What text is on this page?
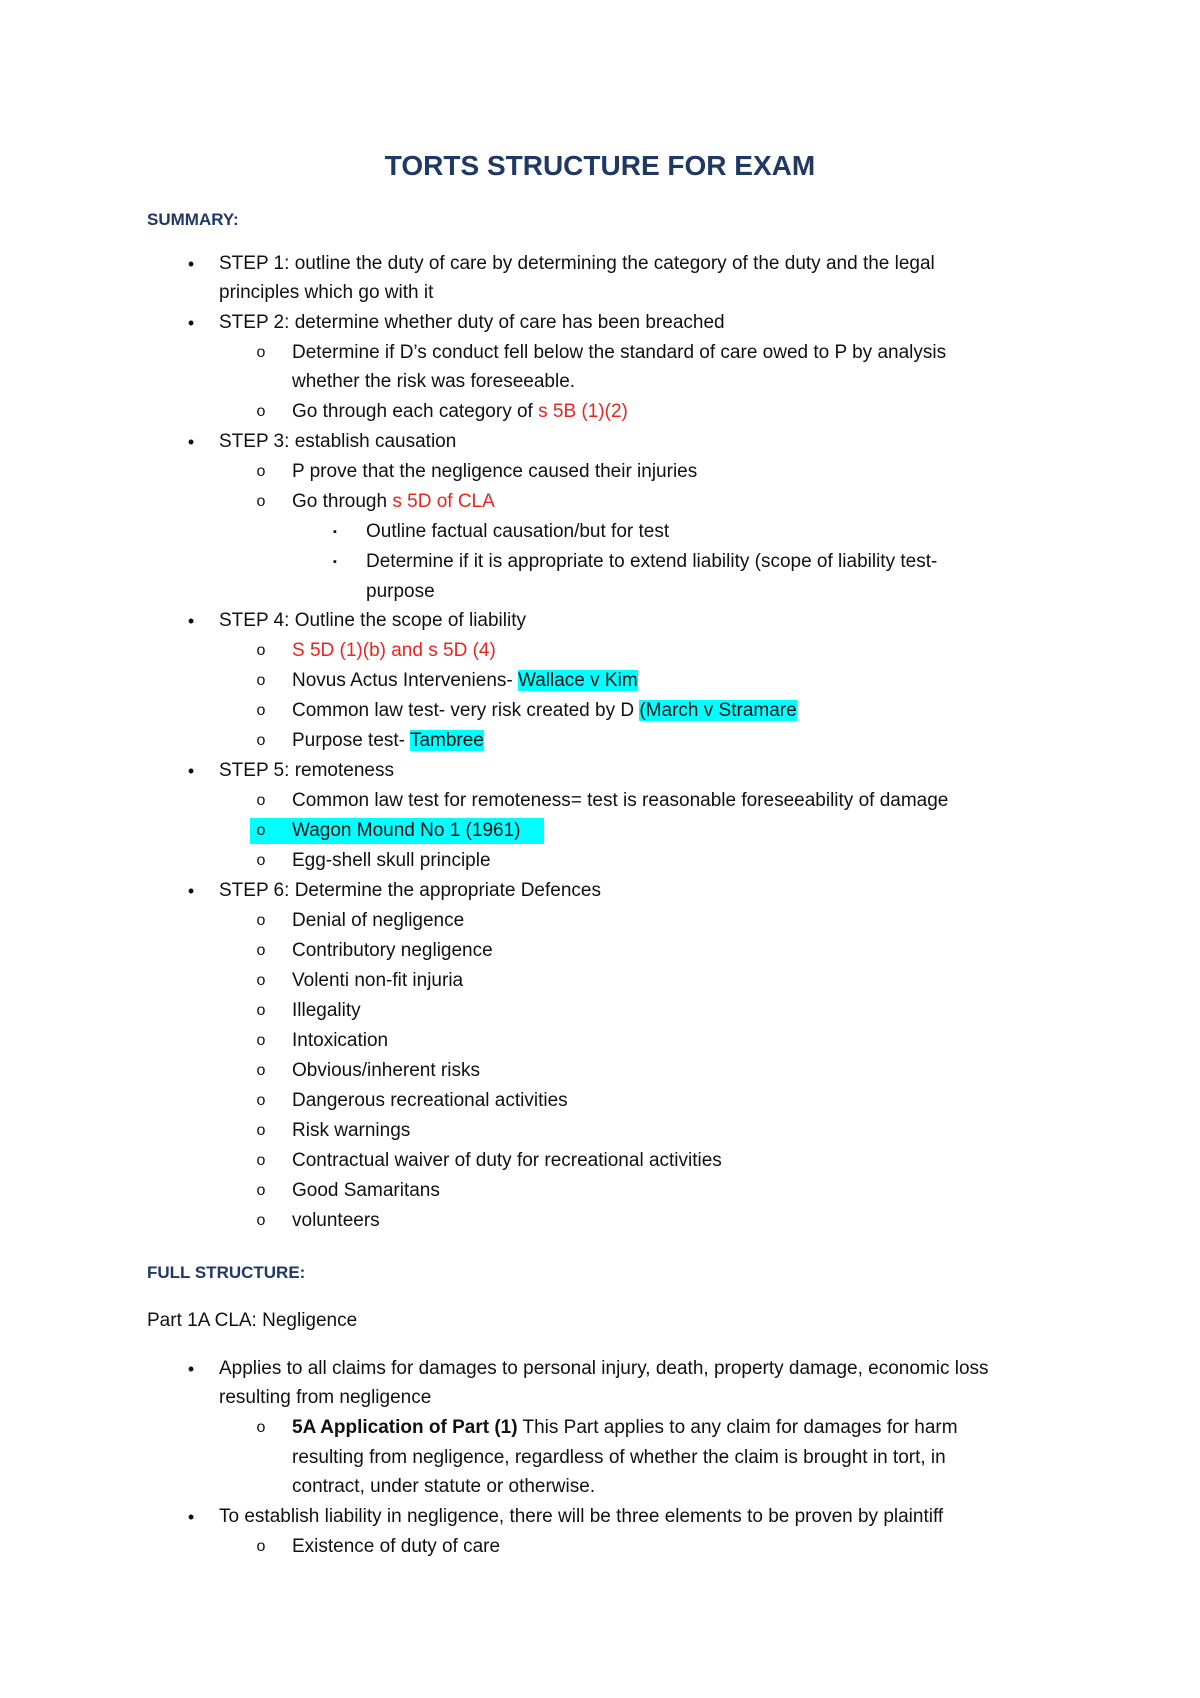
TORTS STRUCTURE FOR EXAM
SUMMARY:
•	STEP 1: outline the duty of care by determining the category of the duty and the legal
principles which go with it
•	STEP 2: determine whether duty of care has been breached
o Determine if D’s conduct fell below the standard of care owed to P by analysis
whether the risk was foreseeable.
o Go through each category of s 5B (1)(2)
•	STEP 3: establish causation
o P prove that the negligence caused their injuries
o Go through s 5D of CLA
▪	Outline factual causation/but for test
▪	Determine if it is appropriate to extend liability (scope of liability test-
purpose
•	STEP 4: Outline the scope of liability
o S 5D (1)(b) and s 5D (4)
o Novus Actus Interveniens- Wallace v Kim
o Common law test- very risk created by D (March v Stramare
o Purpose test- Tambree
•	STEP 5: remoteness
o Common law test for remoteness= test is reasonable foreseeability of damage
o Wagon Mound No 1 (1961)
o Egg-shell skull principle
•	STEP 6: Determine the appropriate Defences
o Denial of negligence
o Contributory negligence
o Volenti non-fit injuria
o Illegality
o Intoxication
o Obvious/inherent risks
o Dangerous recreational activities
o Risk warnings
o Contractual waiver of duty for recreational activities
o Good Samaritans
o volunteers
FULL STRUCTURE:
Part 1A CLA: Negligence
•	Applies to all claims for damages to personal injury, death, property damage, economic loss
resulting from negligence
o 5A Application of Part (1) This Part applies to any claim for damages for harm
resulting from negligence, regardless of whether the claim is brought in tort, in
contract, under statute or otherwise.
•	To establish liability in negligence, there will be three elements to be proven by plaintiff
o Existence of duty of care
